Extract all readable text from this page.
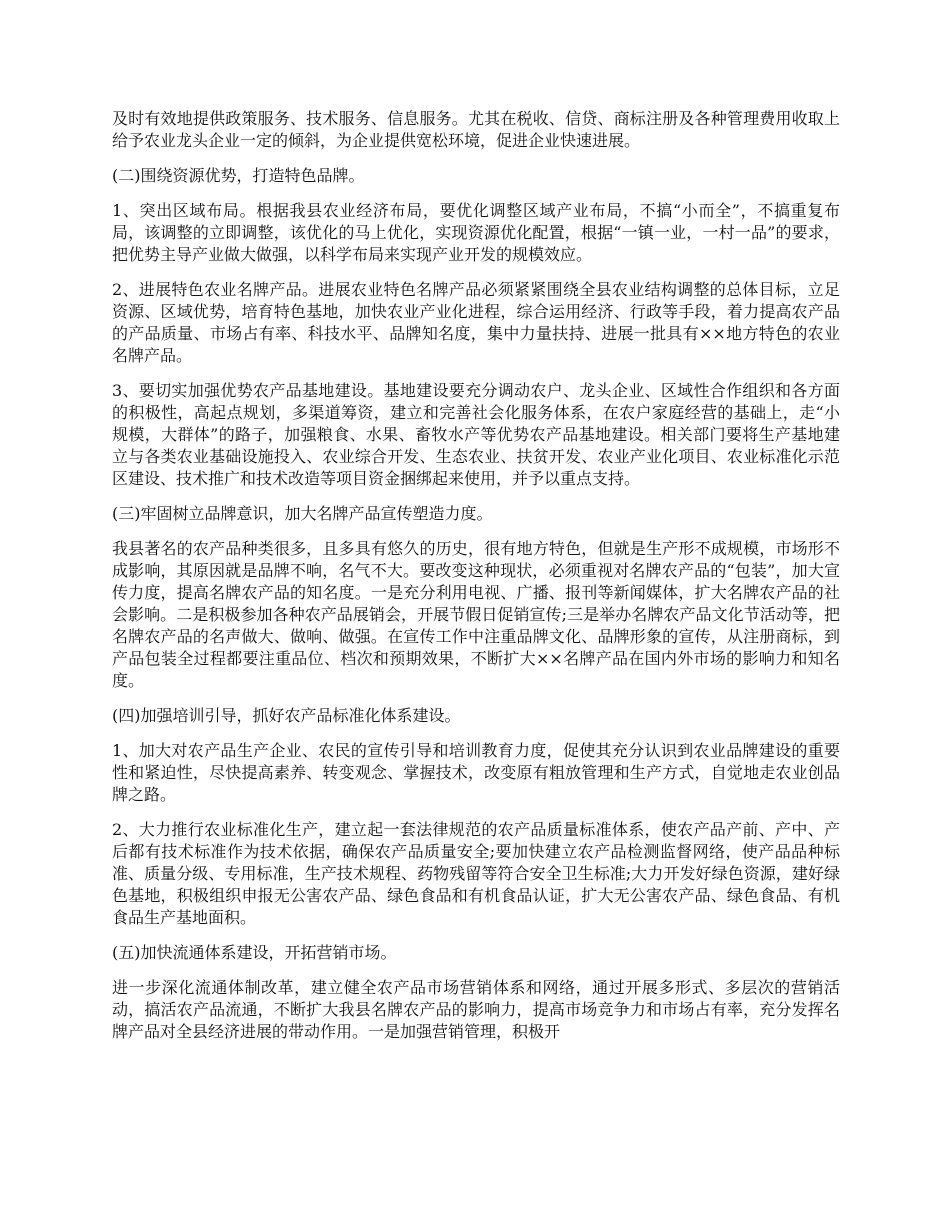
及时有效地提供政策服务、技术服务、信息服务。尤其在税收、信贷、商标注册及各种管理费用收取上给予农业龙头企业一定的倾斜，为企业提供宽松环境，促进企业快速进展。

(二)围绕资源优势，打造特色品牌。

1、突出区域布局。根据我县农业经济布局，要优化调整区域产业布局，不搞“小而全”，不搞重复布局，该调整的立即调整，该优化的马上优化，实现资源优化配置，根据“一镇一业，一村一品”的要求，把优势主导产业做大做强，以科学布局来实现产业开发的规模效应。

2、进展特色农业名牌产品。进展农业特色名牌产品必须紧紧围绕全县农业结构调整的总体目标，立足资源、区域优势，培育特色基地，加快农业产业化进程，综合运用经济、行政等手段，着力提高农产品的产品质量、市场占有率、科技水平、品牌知名度，集中力量扶持、进展一批具有××地方特色的农业名牌产品。

3、要切实加强优势农产品基地建设。基地建设要充分调动农户、龙头企业、区域性合作组织和各方面的积极性，高起点规划，多渠道筹资，建立和完善社会化服务体系，在农户家庭经营的基础上，走“小规模，大群体”的路子，加强粮食、水果、畜牧水产等优势农产品基地建设。相关部门要将生产基地建立与各类农业基础设施投入、农业综合开发、生态农业、扶贫开发、农业产业化项目、农业标准化示范区建设、技术推广和技术改造等项目资金捆绑起来使用，并予以重点支持。

(三)牢固树立品牌意识，加大名牌产品宣传塑造力度。

我县著名的农产品种类很多，且多具有悠久的历史，很有地方特色，但就是生产形不成规模，市场形不成影响，其原因就是品牌不响，名气不大。要改变这种现状，必须重视对名牌农产品的“包装”，加大宣传力度，提高名牌农产品的知名度。一是充分利用电视、广播、报刊等新闻媒体，扩大名牌农产品的社会影响。二是积极参加各种农产品展销会，开展节假日促销宣传;三是举办名牌农产品文化节活动等，把名牌农产品的名声做大、做响、做强。在宣传工作中注重品牌文化、品牌形象的宣传，从注册商标，到产品包装全过程都要注重品位、档次和预期效果，不断扩大××名牌产品在国内外市场的影响力和知名度。

(四)加强培训引导，抓好农产品标准化体系建设。

1、加大对农产品生产企业、农民的宣传引导和培训教育力度，促使其充分认识到农业品牌建设的重要性和紧迫性，尽快提高素养、转变观念、掌握技术，改变原有粗放管理和生产方式，自觉地走农业创品牌之路。

2、大力推行农业标准化生产，建立起一套法律规范的农产品质量标准体系，使农产品产前、产中、产后都有技术标准作为技术依据，确保农产品质量安全;要加快建立农产品检测监督网络，使产品品种标准、质量分级、专用标准，生产技术规程、药物残留等符合安全卫生标准;大力开发好绿色资源，建好绿色基地，积极组织申报无公害农产品、绿色食品和有机食品认证，扩大无公害农产品、绿色食品、有机食品生产基地面积。

(五)加快流通体系建设，开拓营销市场。

进一步深化流通体制改革，建立健全农产品市场营销体系和网络，通过开展多形式、多层次的营销活动，搞活农产品流通，不断扩大我县名牌农产品的影响力，提高市场竞争力和市场占有率，充分发挥名牌产品对全县经济进展的带动作用。一是加强营销管理，积极开
